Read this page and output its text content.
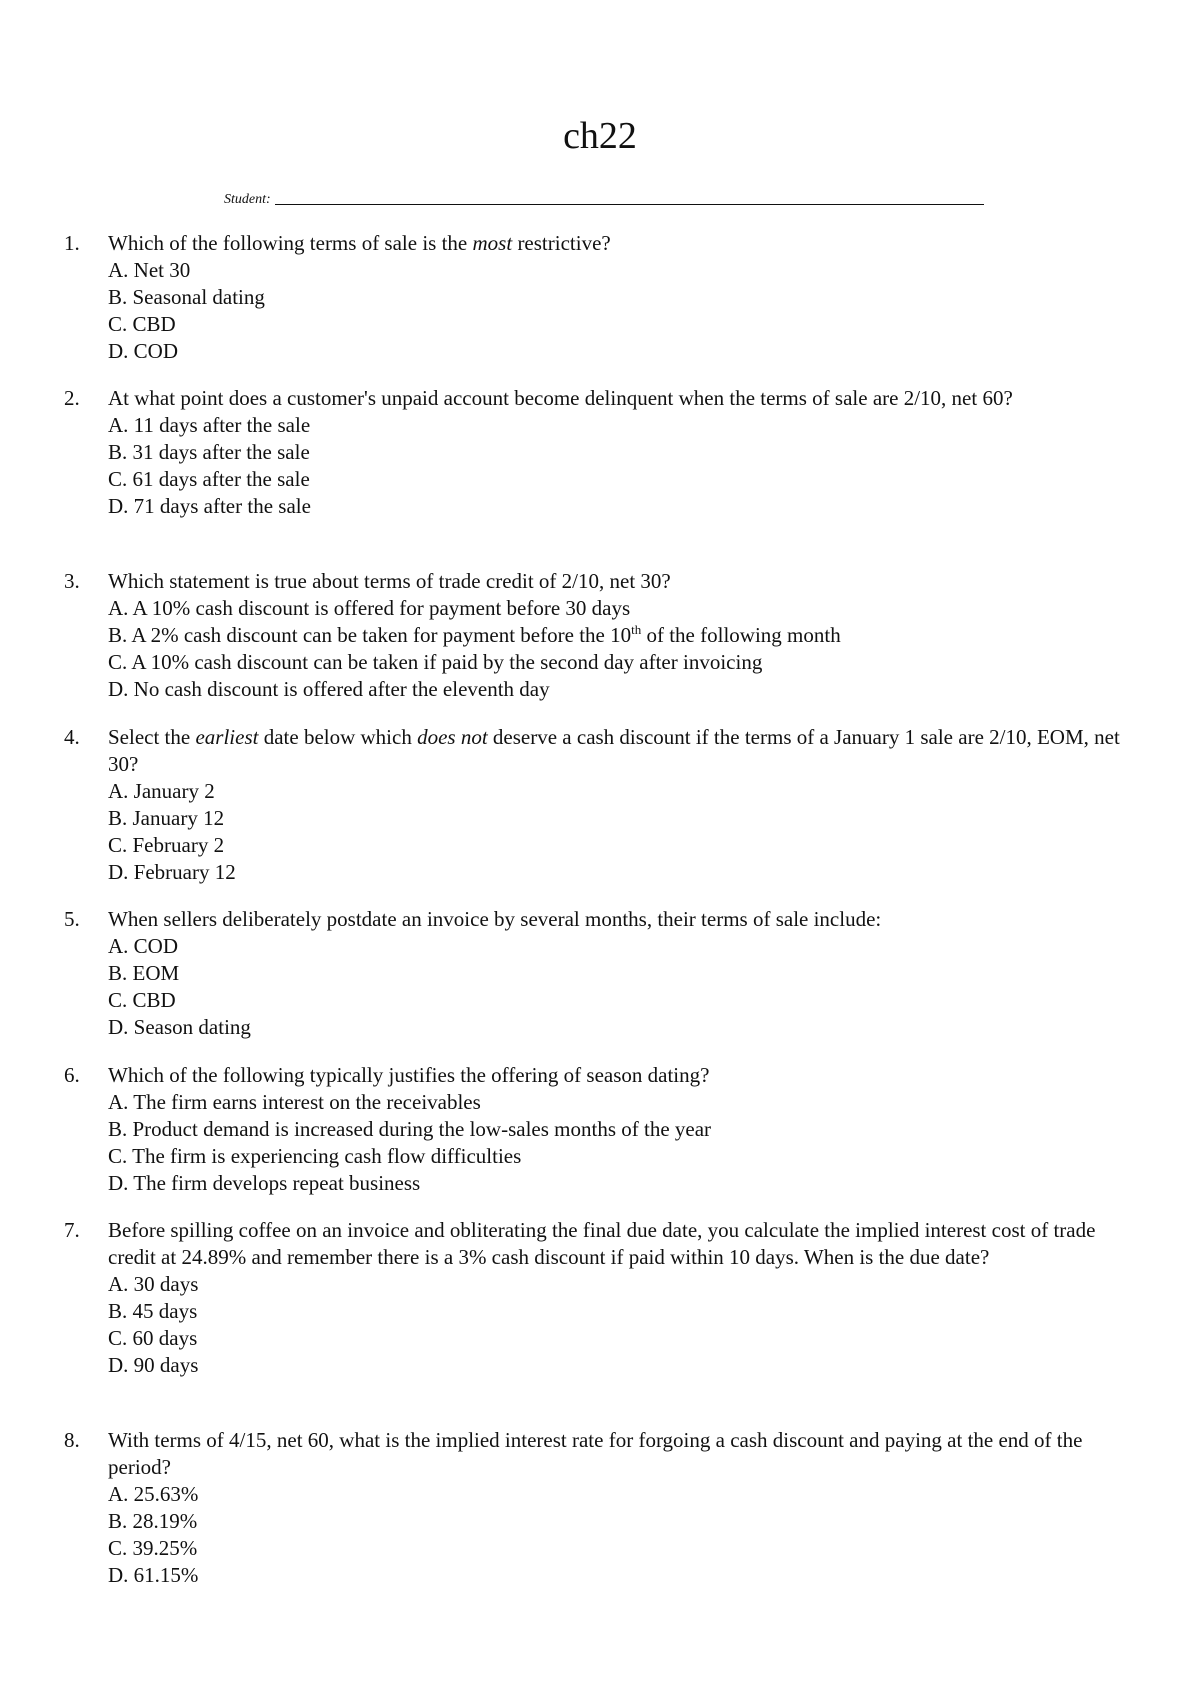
ch22
Student:
1.	Which of the following terms of sale is the most restrictive?

A. Net 30

B. Seasonal dating

C. CBD

D. COD

2.	At what point does a customer's unpaid account become delinquent when the terms of sale are 2/10, net 60?

A. 11 days after the sale

B. 31 days after the sale

C. 61 days after the sale

D. 71 days after the sale

3.	Which statement is true about terms of trade credit of 2/10, net 30?

A. A 10% cash discount is offered for payment before 30 days

B. A 2% cash discount can be taken for payment before the 10th of the following month

C. A 10% cash discount can be taken if paid by the second day after invoicing

D. No cash discount is offered after the eleventh day

4.	Select the earliest date below which does not deserve a cash discount if the terms of a January 1 sale are 2/10, EOM, net 30?

A. January 2

B. January 12

C. February 2

D. February 12

5.	When sellers deliberately postdate an invoice by several months, their terms of sale include:

A. COD

B. EOM

C. CBD

D. Season dating

6.	Which of the following typically justifies the offering of season dating?

A. The firm earns interest on the receivables

B. Product demand is increased during the low-sales months of the year

C. The firm is experiencing cash flow difficulties

D. The firm develops repeat business

7.	Before spilling coffee on an invoice and obliterating the final due date, you calculate the implied interest cost of trade credit at 24.89% and remember there is a 3% cash discount if paid within 10 days. When is the due date?

A. 30 days

B. 45 days

C. 60 days

D. 90 days

8.	With terms of 4/15, net 60, what is the implied interest rate for forgoing a cash discount and paying at the end of the period?

A. 25.63%

B. 28.19%

C. 39.25%

D. 61.15%
